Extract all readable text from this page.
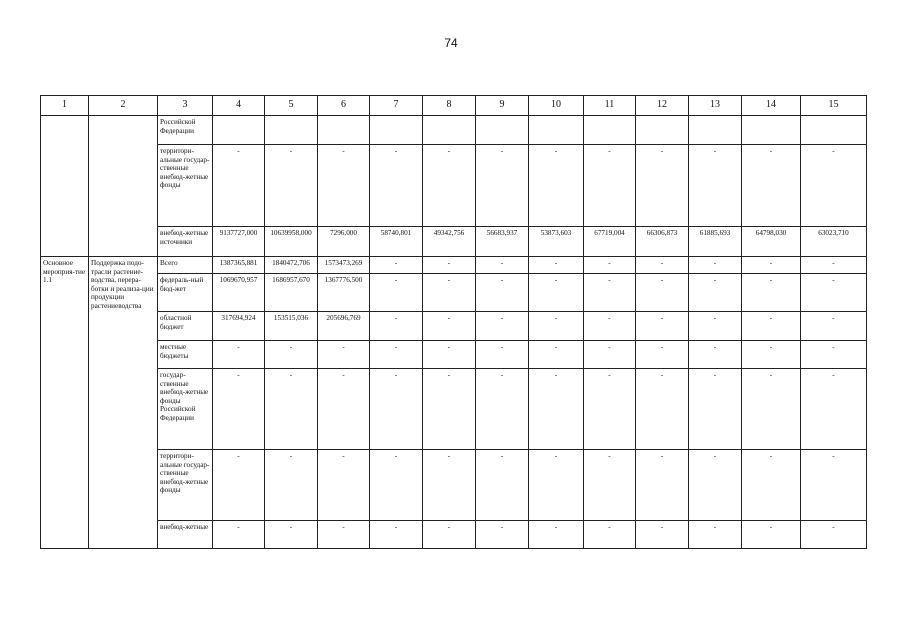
74
1	2	3	4	5	6	7	8	9	10	11	12	13	14	15
		Российской Федерации												
		территори-альные государ-ственные внебюд-жетные фонды	-	-	-	-	-	-	-	-	-	-	-	-
		внебюд-жетные источники	9137727,000	10639958,000	7296,000	58740,801	49342,756	56683,937	53873,603	67719,004	66306,873	61885,693	64798,030	63023,710
Основное мероприя-тие 1.1	Поддержка подо-трасли растение-водства, перера-ботки и реализа-ции продукции растениеводства	Всего	1387365,881	1840472,706	1573473,269	-	-	-	-	-	-	-	-	-
		федераль-ный бюд-жет	1069670,957	1686957,670	1367776,500	-	-	-	-	-	-	-	-	-
		областной бюджет	317694,924	153515,036	205696,769	-	-	-	-	-	-	-	-	-
		местные бюджеты	-	-	-	-	-	-	-	-	-	-	-	-
		государ-ственные внебюд-жетные фонды Российской Федерации	-	-	-	-	-	-	-	-	-	-	-	-
		территори-альные государ-ственные внебюд-жетные фонды	-	-	-	-	-	-	-	-	-	-	-	-
		внебюд-жетные	-	-	-	-	-	-	-	-	-	-	-	-
